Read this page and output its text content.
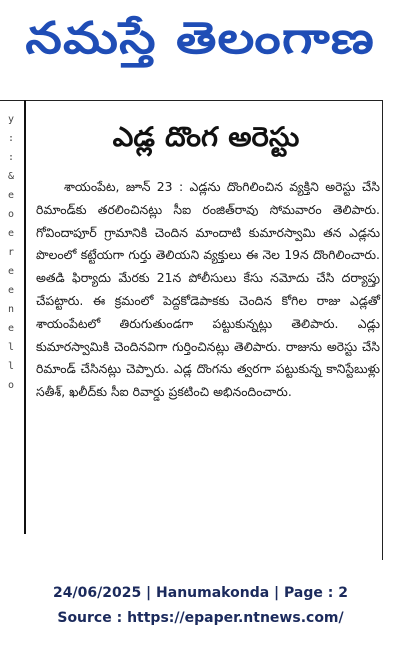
నమస్తే తెలంగాణ
y
:
:
&
e
o
e
r
e
e
n
e
l
l
o
ఎడ్ల దొంగ అరెస్టు

శాయంపేట, జూన్ 23 : ఎడ్లను దొంగిలించిన వ్యక్తిని అరెస్టు చేసి రిమాండ్‌కు తరలించినట్లు సీఐ రంజిత్‌రావు సోమవారం తెలిపారు. గోవిందాపూర్ గ్రామానికి చెందిన మాందాటి కుమారస్వామి తన ఎడ్లను పొలంలో కట్టేయగా గుర్తు తెలియని వ్యక్తులు ఈ నెల 19న దొంగిలించారు. అతడి ఫిర్యాదు మేరకు 21న పోలీసులు కేసు నమోదు చేసి దర్యాప్తు చేపట్టారు. ఈ క్రమంలో పెద్దకోడెపాకకు చెందిన కోగిల రాజు ఎడ్లతో శాయంపేటలో తిరుగుతుండగా పట్టుకున్నట్లు తెలిపారు. ఎడ్లు కుమారస్వామికి చెందినవిగా గుర్తించినట్లు తెలిపారు. రాజును అరెస్టు చేసి రిమాండ్ చేసినట్లు చెప్పారు. ఎడ్ల దొంగను త్వరగా పట్టుకున్న కానిస్టేబుళ్లు సతీశ్, ఖలీద్‌కు సీఐ రివార్డు ప్రకటించి అభినందించారు.

24/06/2025 | Hanumakonda | Page : 2
Source : https://epaper.ntnews.com/
